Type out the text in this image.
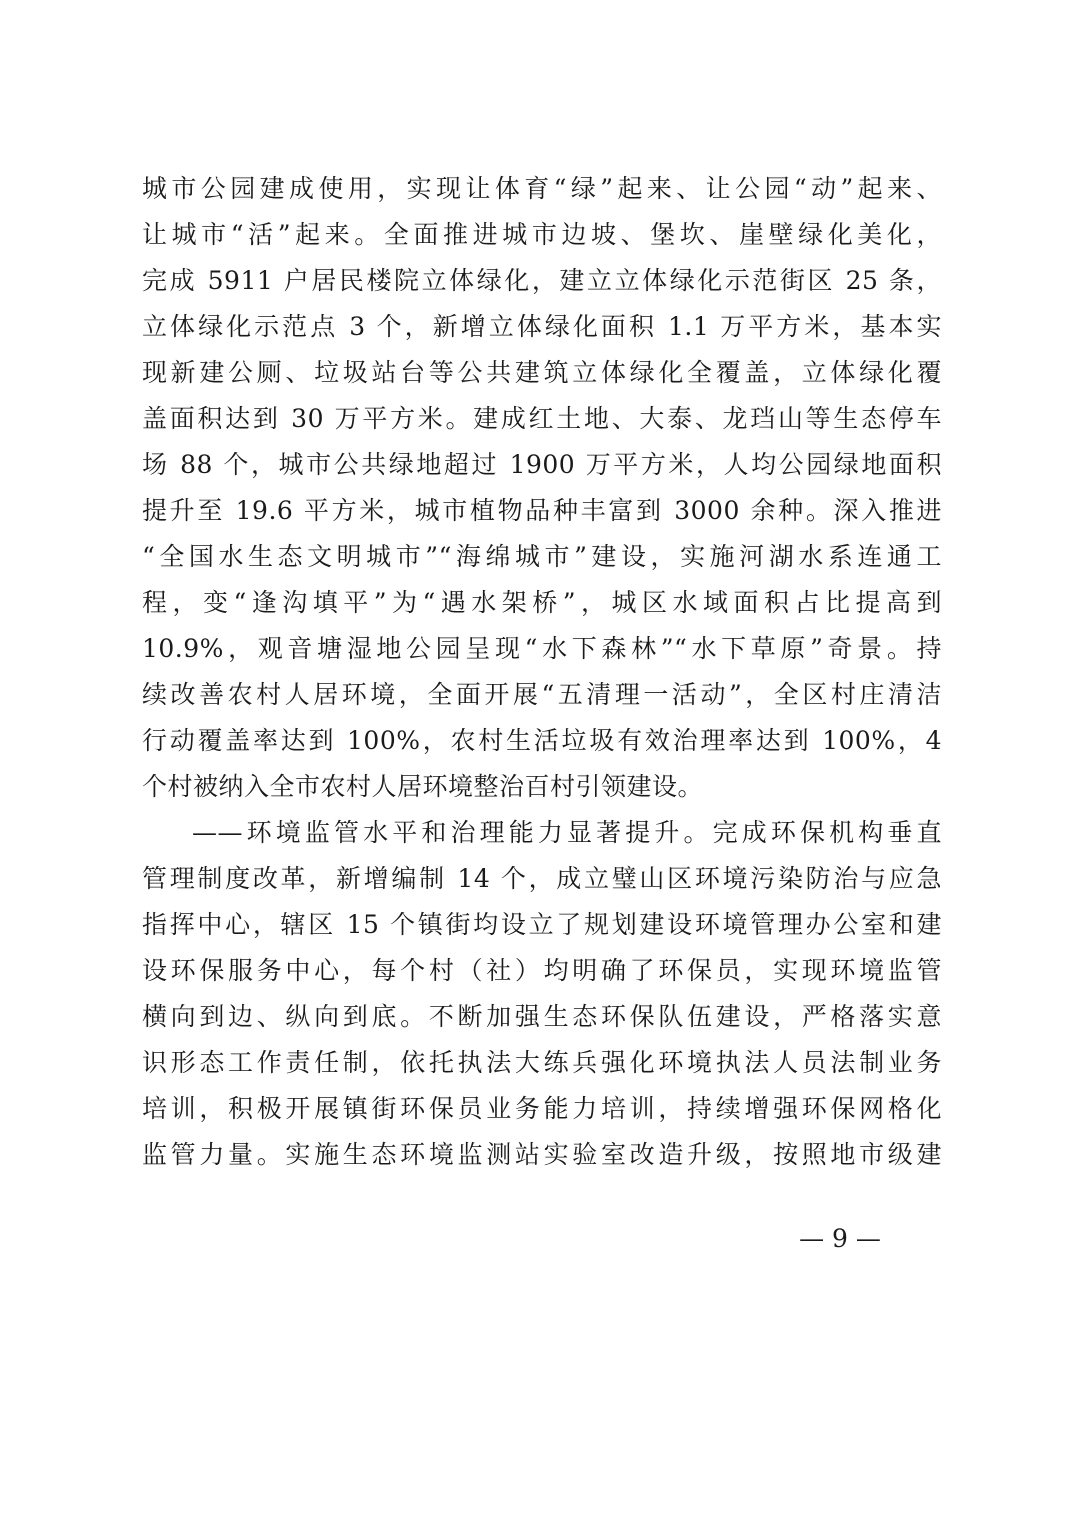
城市公园建成使用，实现让体育“绿”起来、让公园“动”起来、
让城市“活”起来。全面推进城市边坡、堡坎、崖壁绿化美化，
完成 5911 户居民楼院立体绿化，建立立体绿化示范街区 25 条，
立体绿化示范点 3 个，新增立体绿化面积 1.1 万平方米，基本实
现新建公厕、垃圾站台等公共建筑立体绿化全覆盖，立体绿化覆
盖面积达到 30 万平方米。建成红土地、大泰、龙珰山等生态停车
场 88 个，城市公共绿地超过 1900 万平方米，人均公园绿地面积
提升至 19.6 平方米，城市植物品种丰富到 3000 余种。深入推进
“全国水生态文明城市”“海绵城市”建设，实施河湖水系连通工
程，变“逢沟填平”为“遇水架桥”，城区水域面积占比提高到
10.9%，观音塘湿地公园呈现“水下森林”“水下草原”奇景。持
续改善农村人居环境，全面开展“五清理一活动”，全区村庄清洁
行动覆盖率达到 100%，农村生活垃圾有效治理率达到 100%，4
个村被纳入全市农村人居环境整治百村引领建设。
——环境监管水平和治理能力显著提升。完成环保机构垂直
管理制度改革，新增编制 14 个，成立璧山区环境污染防治与应急
指挥中心，辖区 15 个镇街均设立了规划建设环境管理办公室和建
设环保服务中心，每个村（社）均明确了环保员，实现环境监管
横向到边、纵向到底。不断加强生态环保队伍建设，严格落实意
识形态工作责任制，依托执法大练兵强化环境执法人员法制业务
培训，积极开展镇街环保员业务能力培训，持续增强环保网格化
监管力量。实施生态环境监测站实验室改造升级，按照地市级建
— 9 —
